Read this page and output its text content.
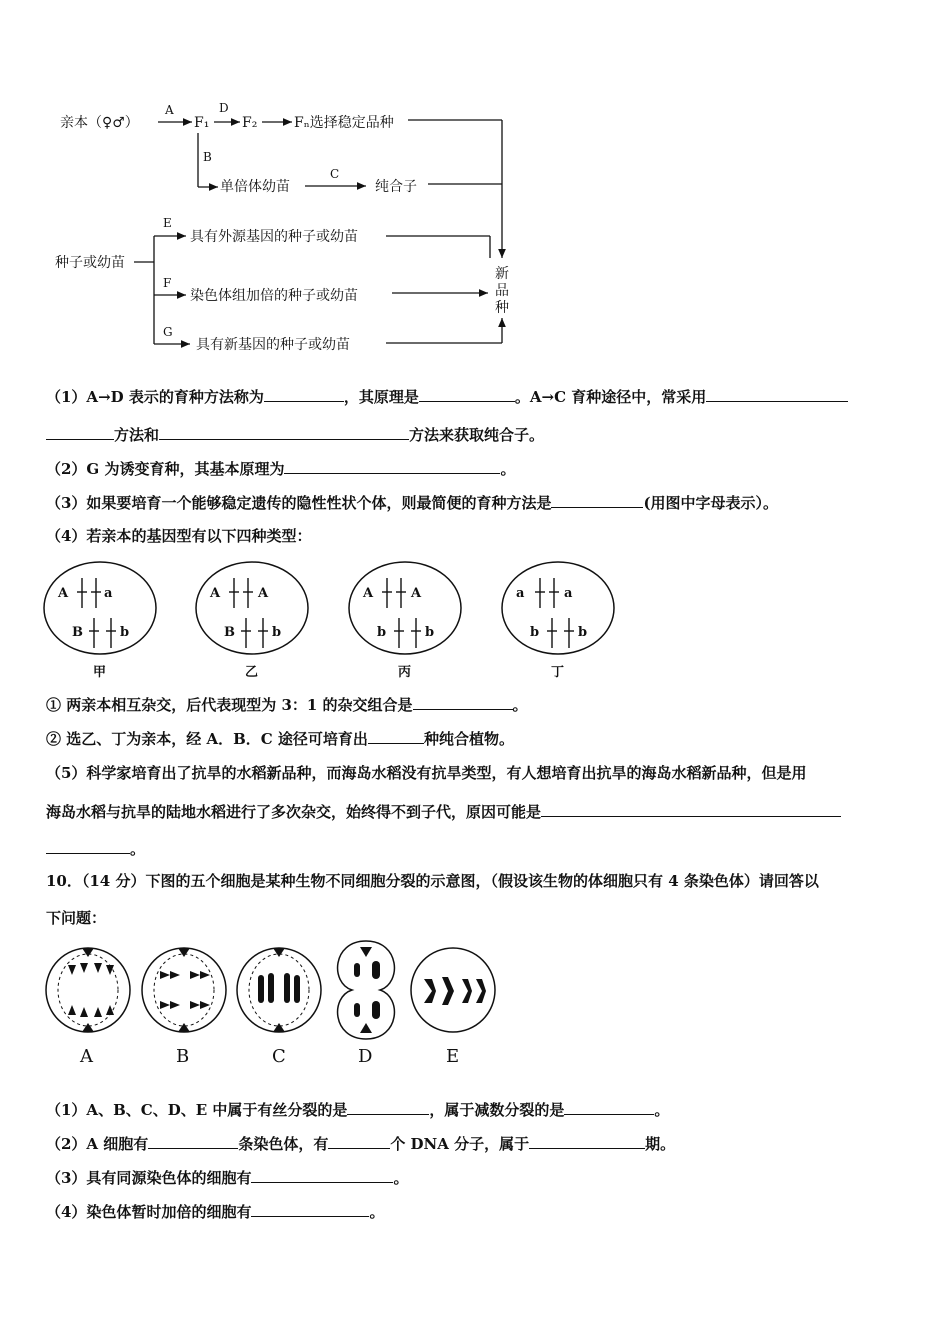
亲本（♀♂）
A
F₁
D
F₂	Fₙ选择稳定品种
B
单倍体幼苗
C
纯合子
种子或幼苗
E
具有外源基因的种子或幼苗
F
染色体组加倍的种子或幼苗
G
具有新基因的种子或幼苗
新
品
种
（1）A→D 表示的育种方法称为	，其原理是	。A→C 育种途径中，常采用
方法和	方法来获取纯合子。
（2）G 为诱变育种，其基本原理为	。
（3）如果要培育一个能够稳定遗传的隐性性状个体，则最简便的育种方法是	(用图中字母表示）。
（4）若亲本的基因型有以下四种类型：
A	a
B	b
甲
A	A
B	b
乙
A	A
b	b
丙
a	a
b	b
丁
① 两亲本相互杂交，后代表现型为 3：1 的杂交组合是	。
② 选乙、丁为亲本，经 A．B．C 途径可培育出	种纯合植物。
（5）科学家培育出了抗旱的水稻新品种，而海岛水稻没有抗旱类型，有人想培育出抗旱的海岛水稻新品种，但是用
海岛水稻与抗旱的陆地水稻进行了多次杂交，始终得不到子代，原因可能是
。
10．（14 分）下图的五个细胞是某种生物不同细胞分裂的示意图，（假设该生物的体细胞只有 4 条染色体）请回答以
下问题：
A	B	C	D	E
（1）A、B、C、D、E 中属于有丝分裂的是	，属于减数分裂的是	。
（2）A 细胞有	条染色体，有	个 DNA 分子，属于	期。
（3）具有同源染色体的细胞有	。
（4）染色体暂时加倍的细胞有	。
